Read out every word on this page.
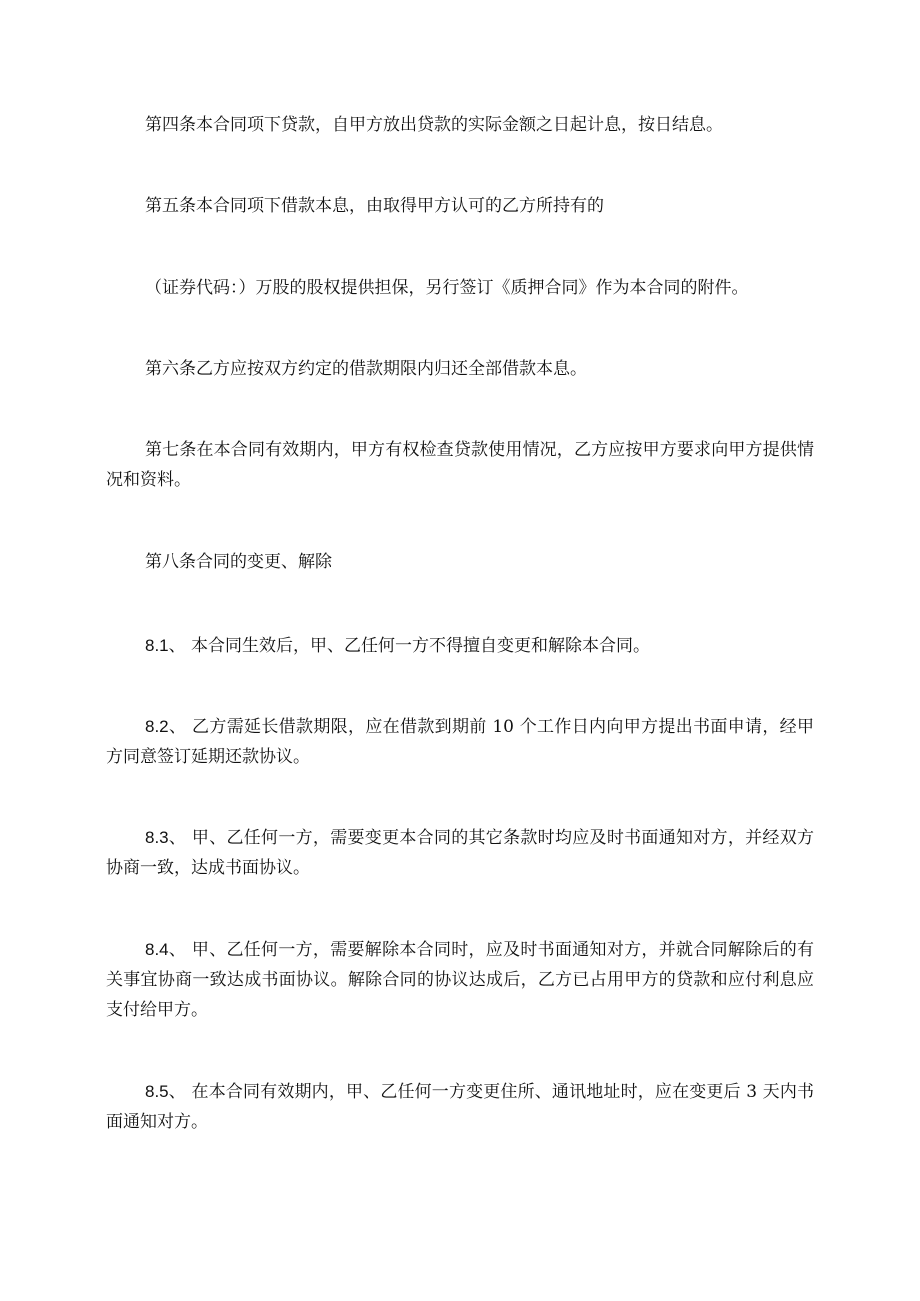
第四条本合同项下贷款，自甲方放出贷款的实际金额之日起计息，按日结息。

第五条本合同项下借款本息，由取得甲方认可的乙方所持有的

（证券代码：）万股的股权提供担保，另行签订《质押合同》作为本合同的附件。

第六条乙方应按双方约定的借款期限内归还全部借款本息。

第七条在本合同有效期内，甲方有权检查贷款使用情况，乙方应按甲方要求向甲方提供情况和资料。

第八条合同的变更、解除

8.1、 本合同生效后，甲、乙任何一方不得擅自变更和解除本合同。

8.2、 乙方需延长借款期限，应在借款到期前 10 个工作日内向甲方提出书面申请，经甲方同意签订延期还款协议。

8.3、 甲、乙任何一方，需要变更本合同的其它条款时均应及时书面通知对方，并经双方协商一致，达成书面协议。

8.4、 甲、乙任何一方，需要解除本合同时，应及时书面通知对方，并就合同解除后的有关事宜协商一致达成书面协议。解除合同的协议达成后，乙方已占用甲方的贷款和应付利息应支付给甲方。

8.5、 在本合同有效期内，甲、乙任何一方变更住所、通讯地址时，应在变更后 3 天内书面通知对方。
